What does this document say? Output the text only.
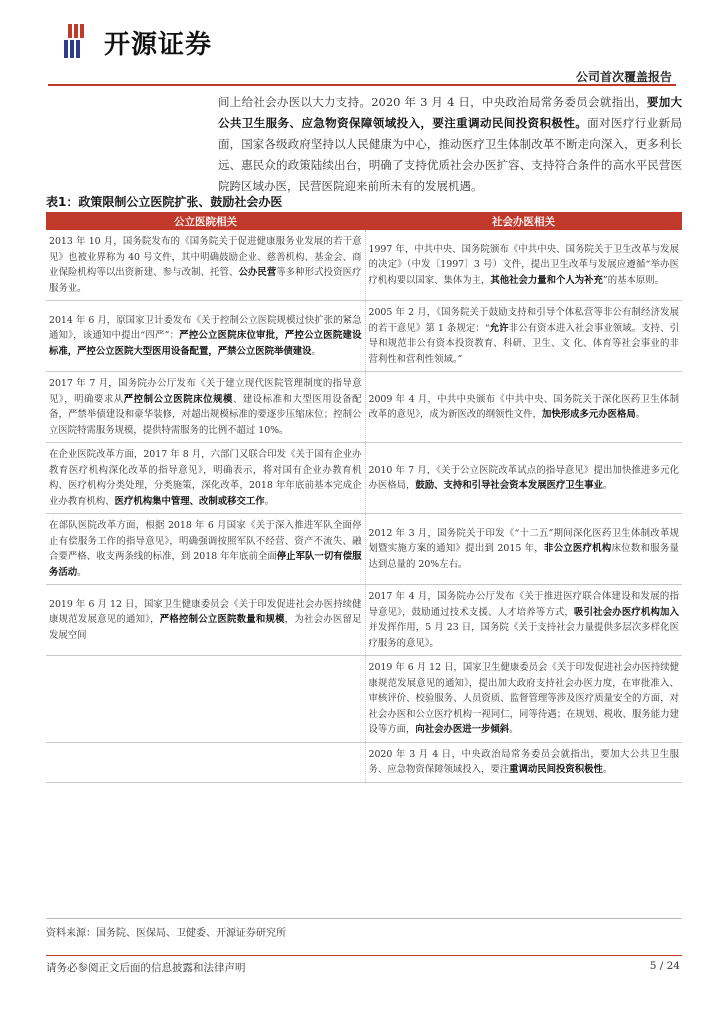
开源证券
公司首次覆盖报告
间上给社会办医以大力支持。2020 年 3 月 4 日，中央政治局常务委员会就指出，要加大公共卫生服务、应急物资保障领域投入，要注重调动民间投资积极性。面对医疗行业新局面，国家各级政府坚持以人民健康为中心，推动医疗卫生体制改革不断走向深入，更多利长远、惠民众的政策陆续出台，明确了支持优质社会办医扩容、支持符合条件的高水平民营医院跨区域办医，民营医院迎来前所未有的发展机遇。
表1：政策限制公立医院扩张、鼓励社会办医
公立医院相关	社会办医相关
2013 年 10 月，国务院发布的《国务院关于促进健康服务业发展的若干意见》也被业界称为 40 号文件，其中明确鼓励企业、慈善机构、基金会、商业保险机构等以出资新建、参与改制、托管、公办民营等多种形式投资医疗服务业。	1997 年，中共中央、国务院颁布《中共中央、国务院关于卫生改革与发展的决定》（中发〔1997〕3 号）文件，提出卫生改革与发展应遵循“举办医疗机构要以国家、集体为主，其他社会力量和个人为补充”的基本原则。
2014 年 6 月，原国家卫计委发布《关于控制公立医院规模过快扩张的紧急通知》，该通知中提出“四严”：严控公立医院床位审批，严控公立医院建设标准，严控公立医院大型医用设备配置，严禁公立医院举债建设。	2005 年 2 月，《国务院关于鼓励支持和引导个体私营等非公有制经济发展的若干意见》第 1 条规定：“允许非公有资本进入社会事业领域。支持、引导和规范非公有资本投资教育、科研、卫生、文 化、体育等社会事业的非营利性和营利性领域。”
2017 年 7 月，国务院办公厅发布《关于建立现代医院管理制度的指导意见》，明确要求从严控制公立医院床位规模、建设标准和大型医用设备配备，严禁举债建设和豪华装修，对超出规模标准的要逐步压缩床位；控制公立医院特需服务规模，提供特需服务的比例不超过 10%。	2009 年 4 月，中共中央颁布《中共中央、国务院关于深化医药卫生体制改革的意见》，成为新医改的纲领性文件，加快形成多元办医格局。
在企业医院改革方面，2017 年 8 月，六部门又联合印发《关于国有企业办教育医疗机构深化改革的指导意见》，明确表示，将对国有企业办教育机构、医疗机构分类处理，分类施策，深化改革，2018 年年底前基本完成企业办教育机构、医疗机构集中管理、改制或移交工作。	2010 年 7 月，《关于公立医院改革试点的指导意见》提出加快推进多元化办医格局，鼓励、支持和引导社会资本发展医疗卫生事业。
在部队医院改革方面，根据 2018 年 6 月国家《关于深入推进军队全面停止有偿服务工作的指导意见》，明确强调按照军队不经营、资产不流失、融合要严格、收支两条线的标准，到 2018 年年底前全面停止军队一切有偿服务活动。	2012 年 3 月，国务院关于印发《“十二五”期间深化医药卫生体制改革规划暨实施方案的通知》提出到 2015 年，非公立医疗机构床位数和服务量达到总量的 20%左右。
2019 年 6 月 12 日，国家卫生健康委员会《关于印发促进社会办医持续健康规范发展意见的通知》，严格控制公立医院数量和规模，为社会办医留足发展空间	2017 年 4 月，国务院办公厅发布《关于推进医疗联合体建设和发展的指导意见》，鼓励通过技术支援、人才培养等方式，吸引社会办医疗机构加入并发挥作用，5 月 23 日，国务院《关于支持社会力量提供多层次多样化医疗服务的意见》。
	2019 年 6 月 12 日，国家卫生健康委员会《关于印发促进社会办医持续健康规范发展意见的通知》，提出加大政府支持社会办医力度，在审批准入、审核评价、校验服务、人员资质、监督管理等涉及医疗质量安全的方面，对社会办医和公立医疗机构一视同仁，同等待遇；在规划、税收、服务能力建设等方面，向社会办医进一步倾斜。
	2020 年 3 月 4 日，中央政治局常务委员会就指出，要加大公共卫生服务、应急物资保障领域投入，要注重调动民间投资积极性。
资料来源：国务院、医保局、卫健委、开源证券研究所
请务必参阅正文后面的信息披露和法律声明	5 / 24
